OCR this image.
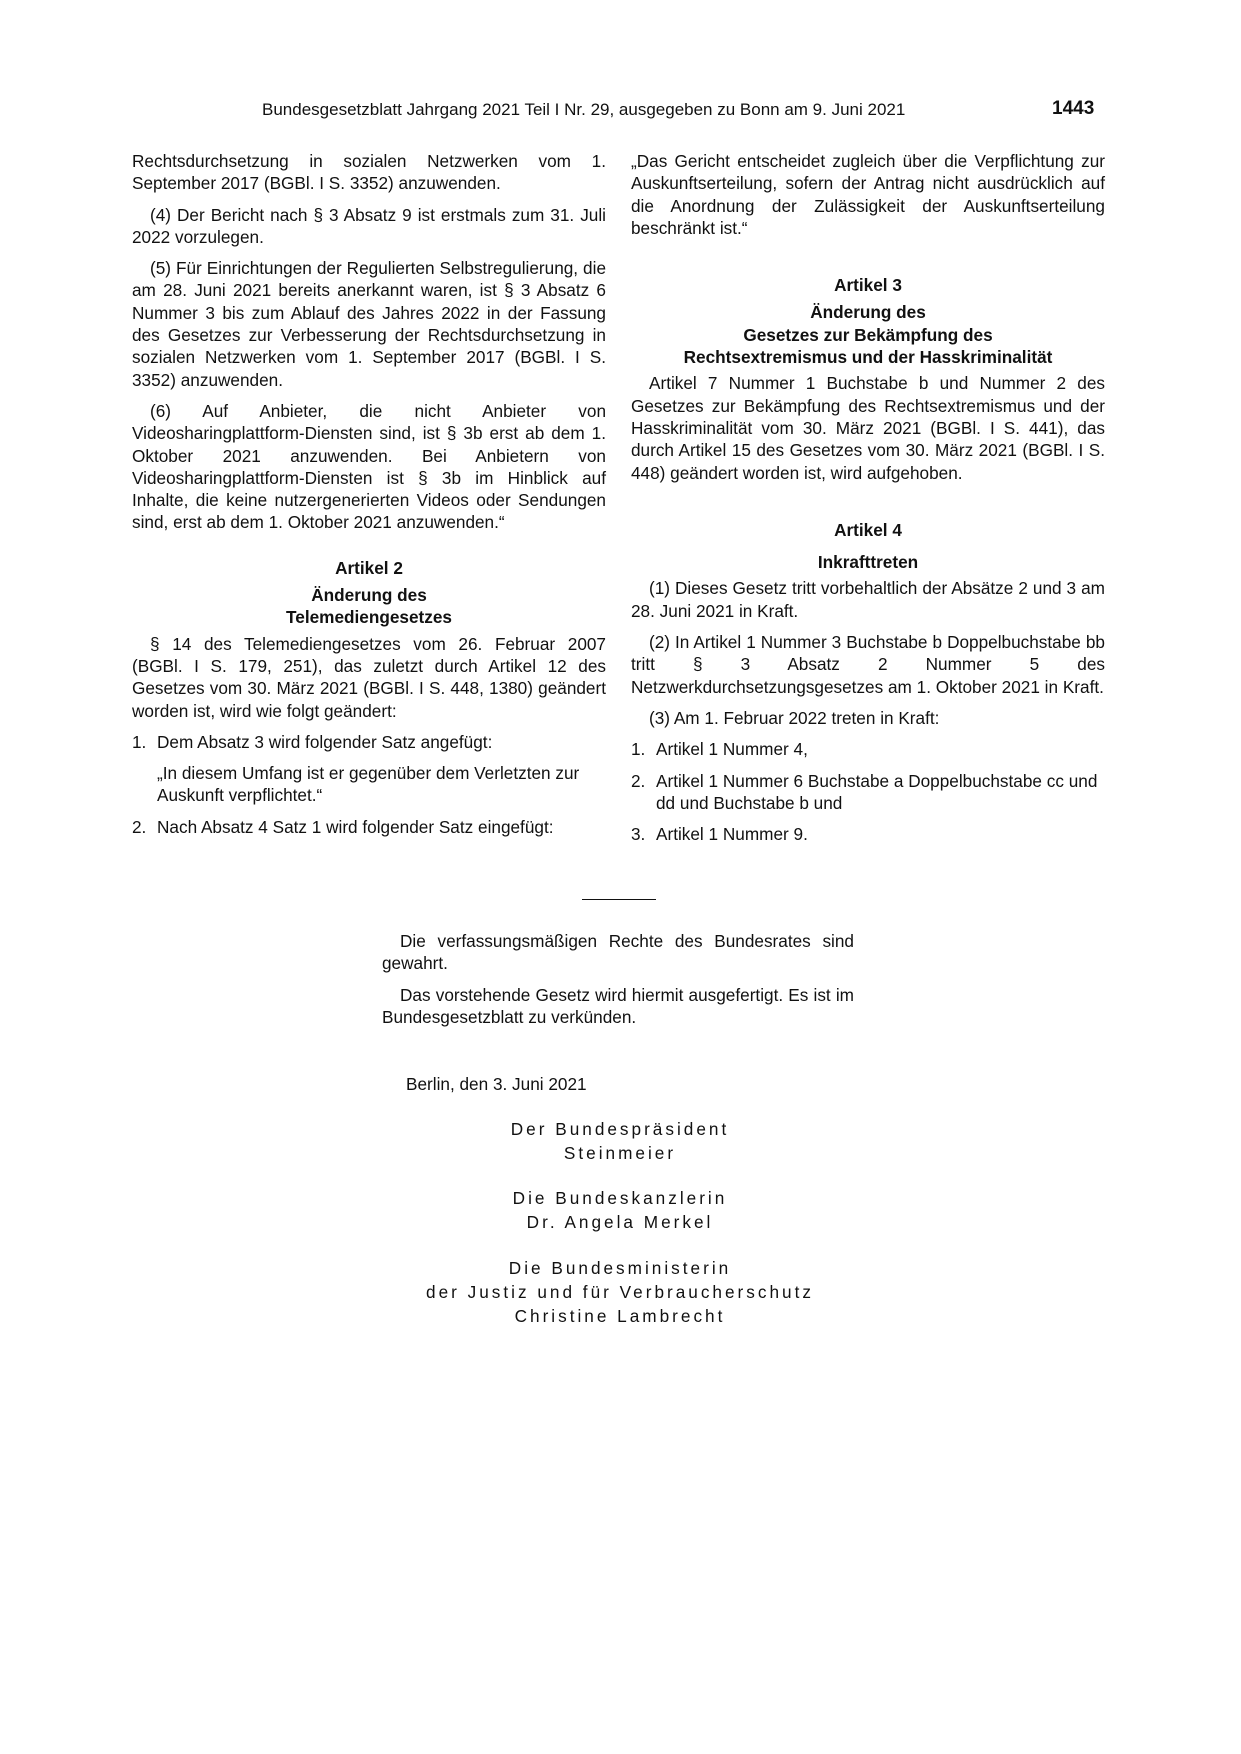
Bundesgesetzblatt Jahrgang 2021 Teil I Nr. 29, ausgegeben zu Bonn am 9. Juni 2021	1443

Rechtsdurchsetzung in sozialen Netzwerken vom 1. September 2017 (BGBl. I S. 3352) anzuwenden.

(4) Der Bericht nach § 3 Absatz 9 ist erstmals zum 31. Juli 2022 vorzulegen.

(5) Für Einrichtungen der Regulierten Selbstregulierung, die am 28. Juni 2021 bereits anerkannt waren, ist § 3 Absatz 6 Nummer 3 bis zum Ablauf des Jahres 2022 in der Fassung des Gesetzes zur Verbesserung der Rechtsdurchsetzung in sozialen Netzwerken vom 1. September 2017 (BGBl. I S. 3352) anzuwenden.

(6) Auf Anbieter, die nicht Anbieter von Videosharingplattform-Diensten sind, ist § 3b erst ab dem 1. Oktober 2021 anzuwenden. Bei Anbietern von Videosharingplattform-Diensten ist § 3b im Hinblick auf Inhalte, die keine nutzergenerierten Videos oder Sendungen sind, erst ab dem 1. Oktober 2021 anzuwenden.“

Artikel 2
Änderung des
Telemediengesetzes

§ 14 des Telemediengesetzes vom 26. Februar 2007 (BGBl. I S. 179, 251), das zuletzt durch Artikel 12 des Gesetzes vom 30. März 2021 (BGBl. I S. 448, 1380) geändert worden ist, wird wie folgt geändert:

1. Dem Absatz 3 wird folgender Satz angefügt:
„In diesem Umfang ist er gegenüber dem Verletzten zur Auskunft verpflichtet.“
2. Nach Absatz 4 Satz 1 wird folgender Satz eingefügt:

„Das Gericht entscheidet zugleich über die Verpflichtung zur Auskunftserteilung, sofern der Antrag nicht ausdrücklich auf die Anordnung der Zulässigkeit der Auskunftserteilung beschränkt ist.“

Artikel 3
Änderung des
Gesetzes zur Bekämpfung des
Rechtsextremismus und der Hasskriminalität

Artikel 7 Nummer 1 Buchstabe b und Nummer 2 des Gesetzes zur Bekämpfung des Rechtsextremismus und der Hasskriminalität vom 30. März 2021 (BGBl. I S. 441), das durch Artikel 15 des Gesetzes vom 30. März 2021 (BGBl. I S. 448) geändert worden ist, wird aufgehoben.

Artikel 4
Inkrafttreten

(1) Dieses Gesetz tritt vorbehaltlich der Absätze 2 und 3 am 28. Juni 2021 in Kraft.

(2) In Artikel 1 Nummer 3 Buchstabe b Doppelbuchstabe bb tritt § 3 Absatz 2 Nummer 5 des Netzwerkdurchsetzungsgesetzes am 1. Oktober 2021 in Kraft.

(3) Am 1. Februar 2022 treten in Kraft:

1. Artikel 1 Nummer 4,
2. Artikel 1 Nummer 6 Buchstabe a Doppelbuchstabe cc und dd und Buchstabe b und
3. Artikel 1 Nummer 9.

Die verfassungsmäßigen Rechte des Bundesrates sind gewahrt.

Das vorstehende Gesetz wird hiermit ausgefertigt. Es ist im Bundesgesetzblatt zu verkünden.

Berlin, den 3. Juni 2021
Der Bundespräsident
Steinmeier
Die Bundeskanzlerin
Dr. Angela Merkel
Die Bundesministerin
der Justiz und für Verbraucherschutz
Christine Lambrecht
